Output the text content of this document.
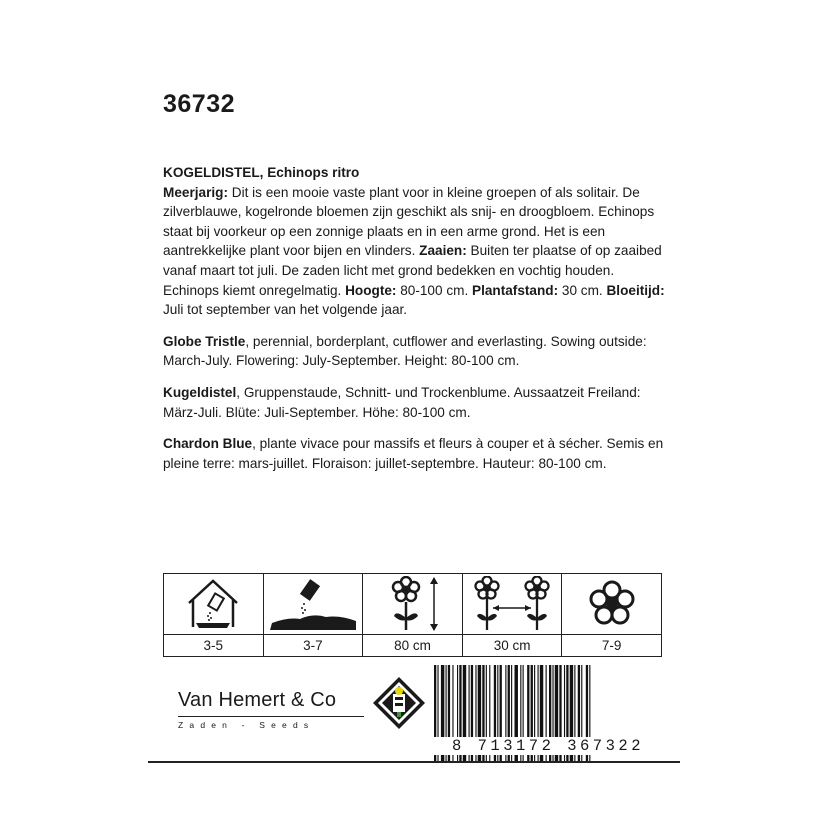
36732

KOGELDISTEL, Echinops ritro
Meerjarig: Dit is een mooie vaste plant voor in kleine groepen of als solitair. De zilverblauwe, kogelronde bloemen zijn geschikt als snij- en droogbloem. Echinops staat bij voorkeur op een zonnige plaats en in een arme grond. Het is een aantrekkelijke plant voor bijen en vlinders. Zaaien: Buiten ter plaatse of op zaaibed vanaf maart tot juli. De zaden licht met grond bedekken en vochtig houden. Echinops kiemt onregelmatig. Hoogte: 80-100 cm. Plantafstand: 30 cm. Bloeitijd: Juli tot september van het volgende jaar.

Globe Tristle, perennial, borderplant, cutflower and everlasting. Sowing outside: March-July. Flowering: July-September. Height: 80-100 cm.

Kugeldistel, Gruppenstaude, Schnitt- und Trockenblume. Aussaatzeit Freiland: März-Juli. Blüte: Juli-September. Höhe: 80-100 cm.

Chardon Blue, plante vivace pour massifs et fleurs à couper et à sécher. Semis en pleine terre: mars-juillet. Floraison: juillet-septembre. Hauteur: 80-100 cm.

3-5	3-7	80 cm	30 cm	7-9
Van Hemert & Co
Zaden - Seeds
8 713172 367322
